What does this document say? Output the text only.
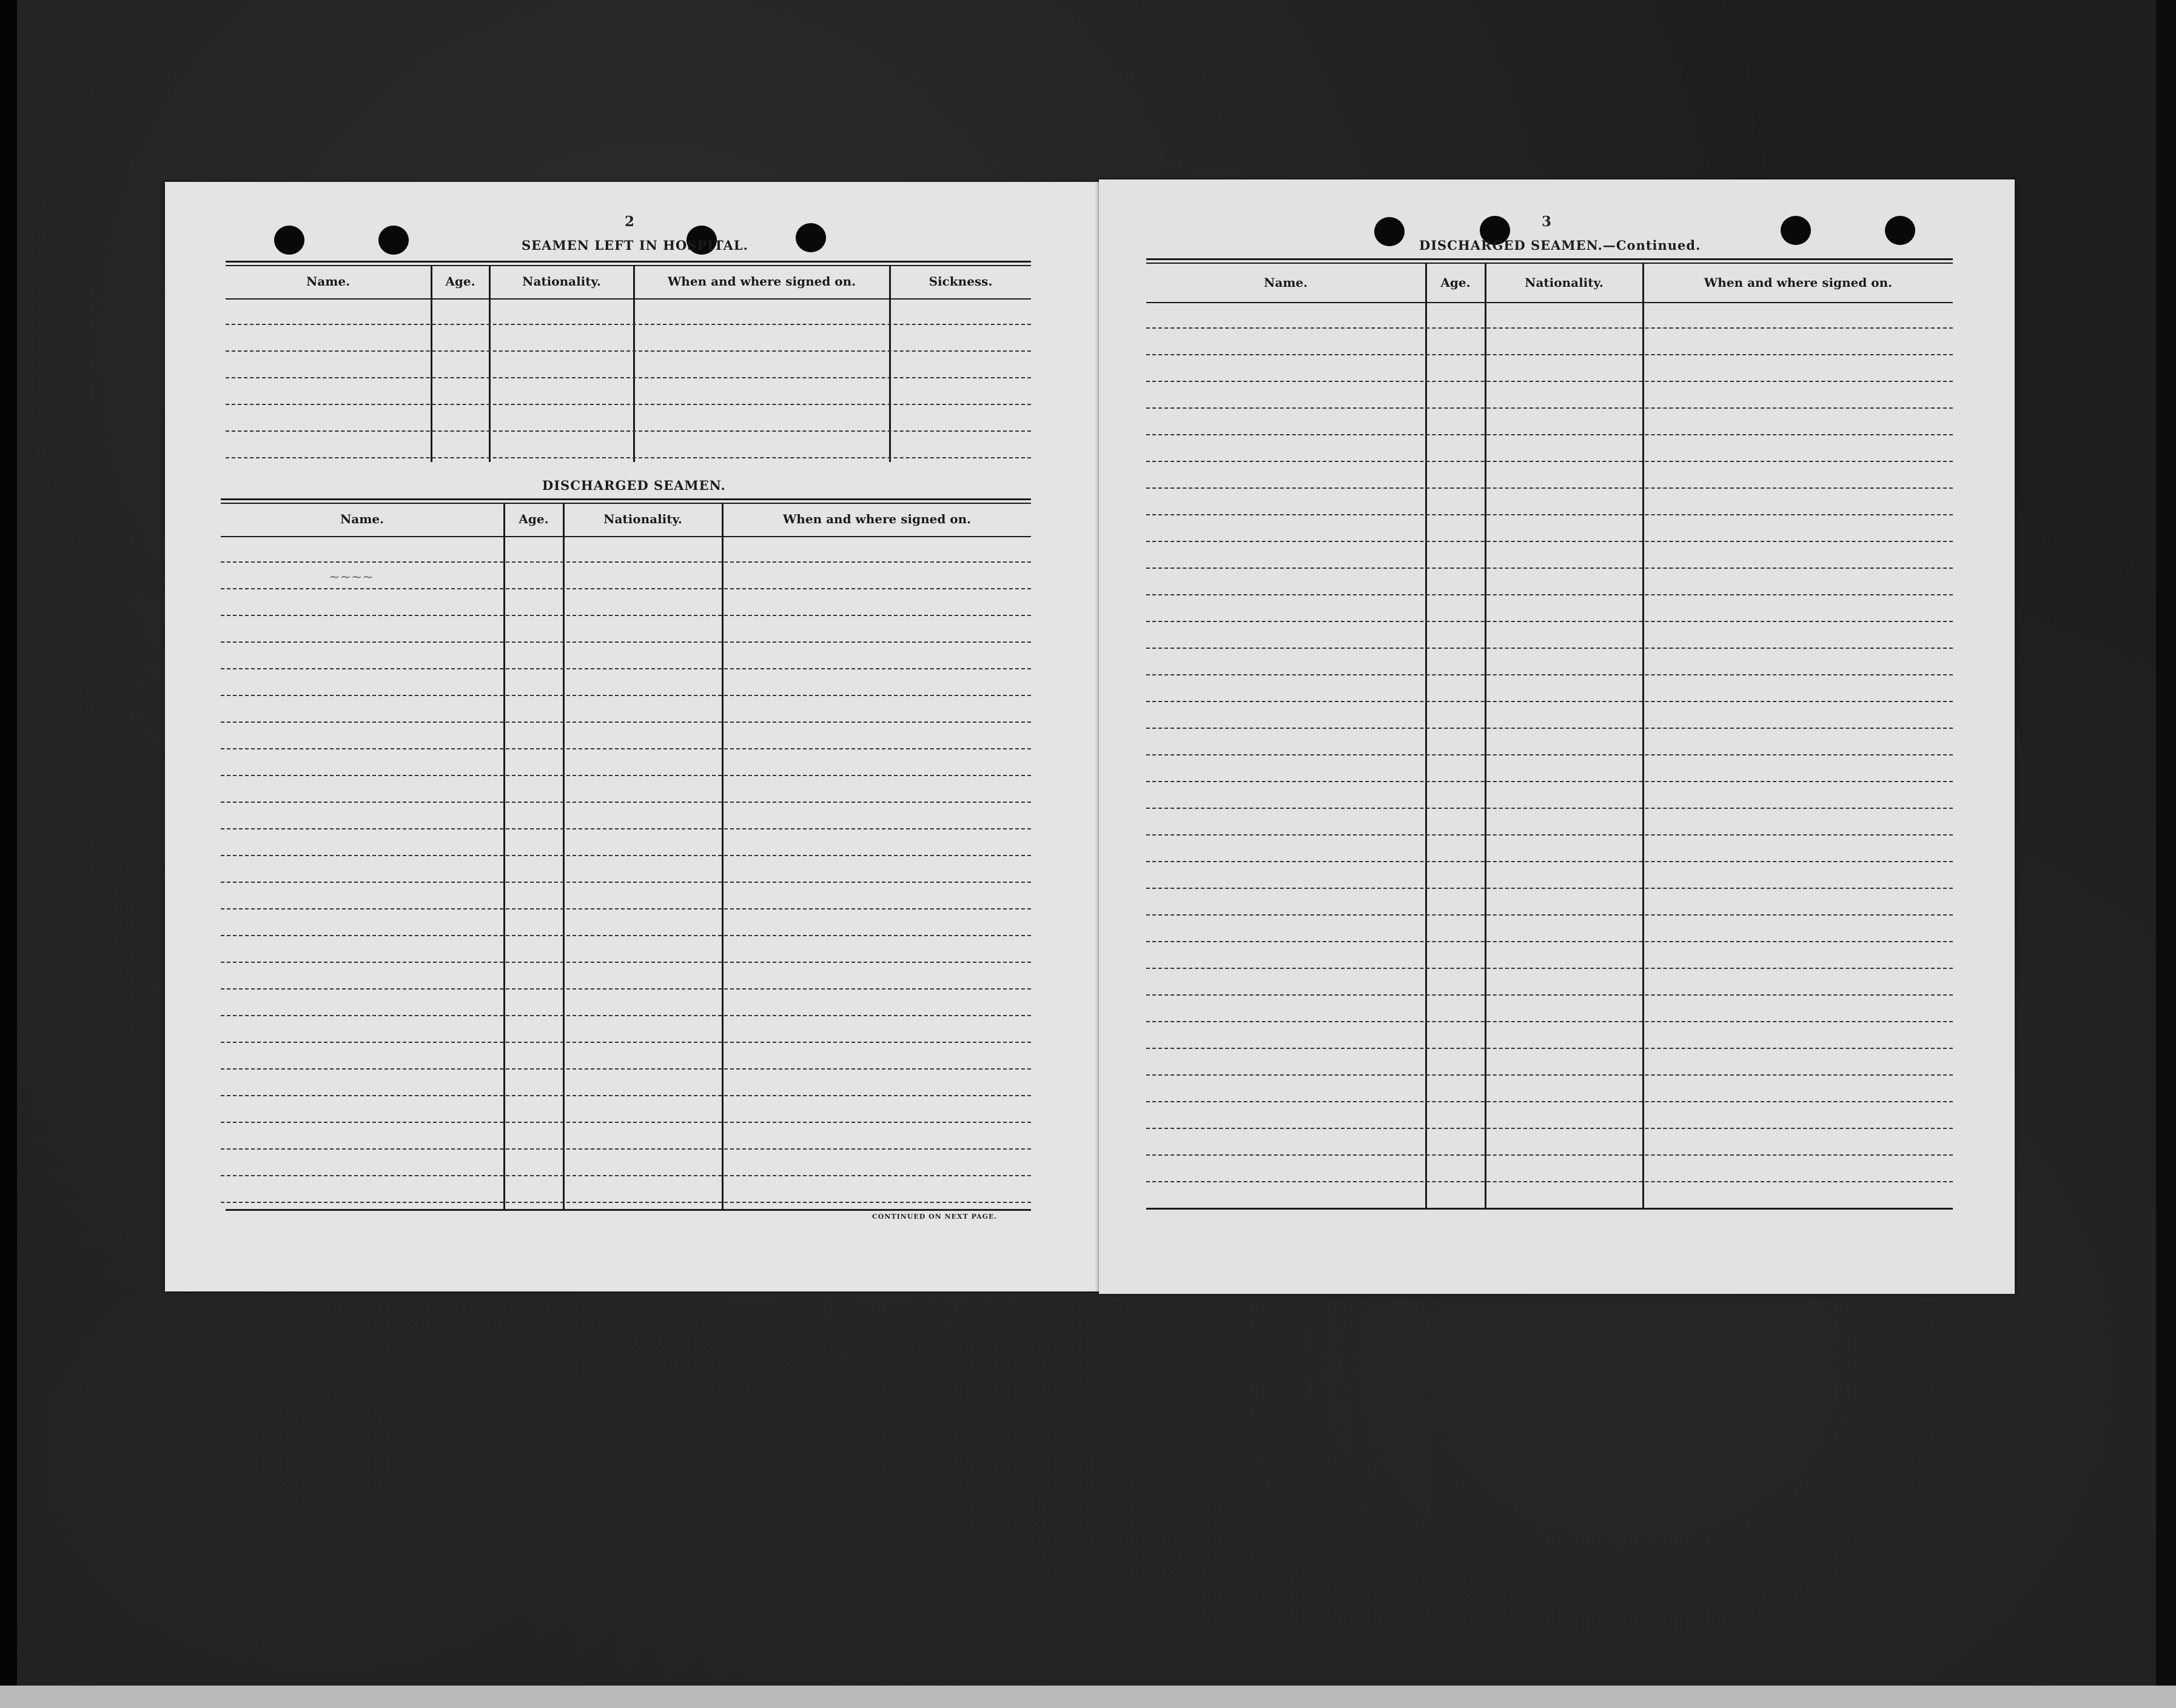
2
SEAMEN LEFT IN HOSPITAL.
Name.	Age.	Nationality.	When and where signed on.	Sickness.
DISCHARGED SEAMEN.
Name.	Age.	Nationality.	When and where signed on.
~~~~
CONTINUED ON NEXT PAGE.
3
DISCHARGED SEAMEN.—Continued.
Name.	Age.	Nationality.	When and where signed on.
